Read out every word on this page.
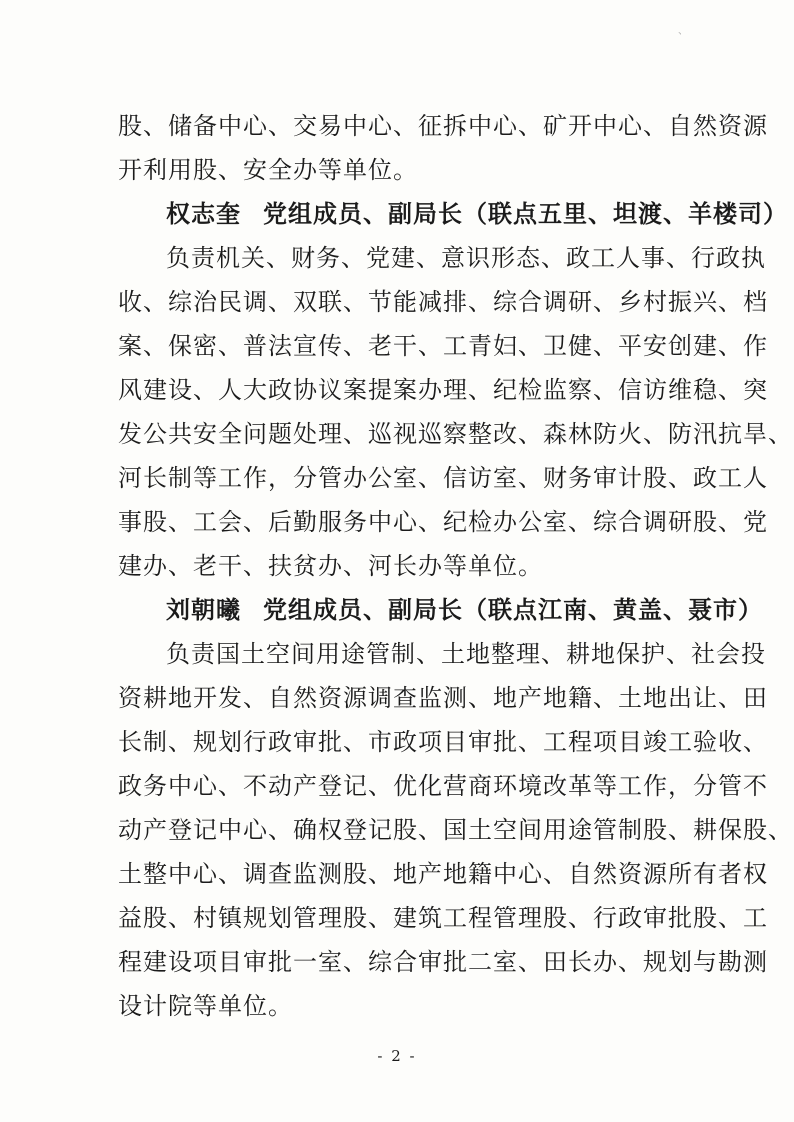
、
股、储备中心、交易中心、征拆中心、矿开中心、自然资源
开利用股、安全办等单位。
权志奎 党组成员、副局长（联点五里、坦渡、羊楼司）
负责机关、财务、党建、意识形态、政工人事、行政执
收、综治民调、双联、节能减排、综合调研、乡村振兴、档
案、保密、普法宣传、老干、工青妇、卫健、平安创建、作
风建设、人大政协议案提案办理、纪检监察、信访维稳、突
发公共安全问题处理、巡视巡察整改、森林防火、防汛抗旱、
河长制等工作，分管办公室、信访室、财务审计股、政工人
事股、工会、后勤服务中心、纪检办公室、综合调研股、党
建办、老干、扶贫办、河长办等单位。
刘朝曦 党组成员、副局长（联点江南、黄盖、聂市）
负责国土空间用途管制、土地整理、耕地保护、社会投
资耕地开发、自然资源调查监测、地产地籍、土地出让、田
长制、规划行政审批、市政项目审批、工程项目竣工验收、
政务中心、不动产登记、优化营商环境改革等工作，分管不
动产登记中心、确权登记股、国土空间用途管制股、耕保股、
土整中心、调查监测股、地产地籍中心、自然资源所有者权
益股、村镇规划管理股、建筑工程管理股、行政审批股、工
程建设项目审批一室、综合审批二室、田长办、规划与勘测
设计院等单位。
- 2 -
